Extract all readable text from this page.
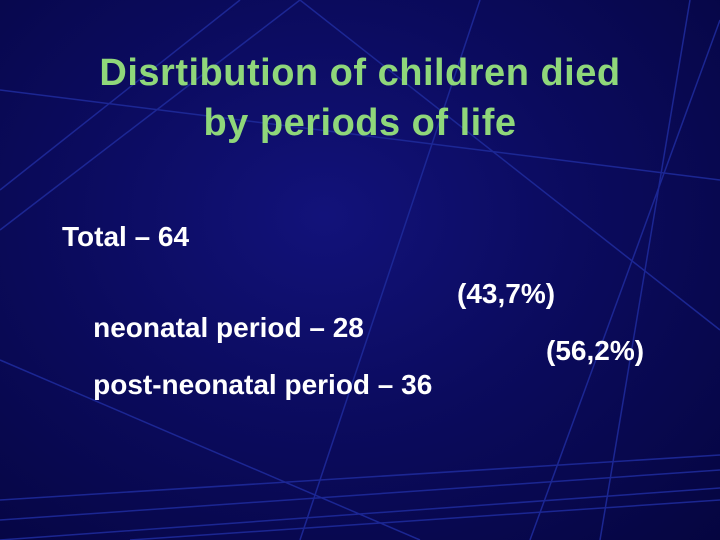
Disrtibution of children died
by periods of life
Total – 64

neonatal period – 28

(43,7%)

post-neonatal period – 36

(56,2%)
